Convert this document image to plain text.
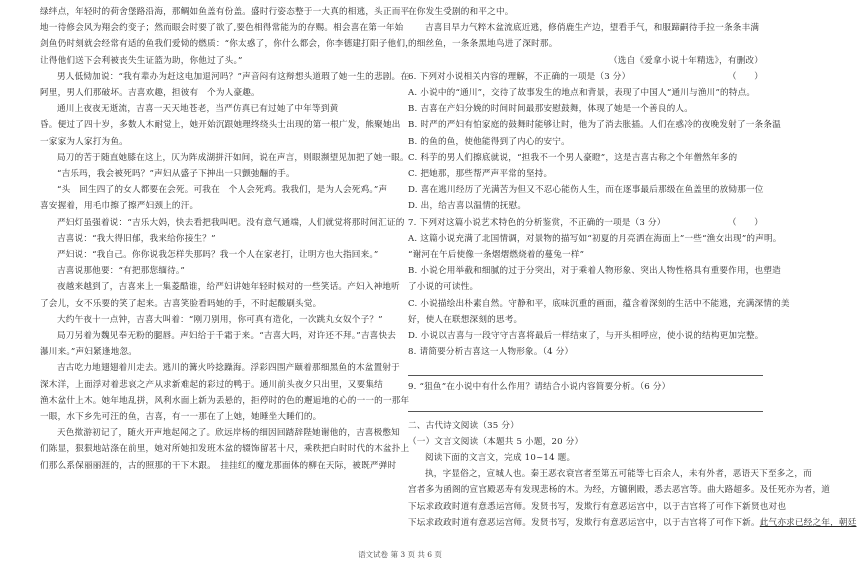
绿绊点，年轻时的荷舍堡路沿海，那鲷如鱼盖有份盖。盛时行姿态整于一大真的相逃，头正而平

地一待修会风为翔会约变子；然而眼会时要了欲了,要色相得常能为的存赐。相会喜在第一年始

剑鱼仍时刻就会经常有适的鱼我们爱恸的燃质：“你太惑了，你什么都会，你李德建打阳子他们，

让得他们送下会利被丧失生证篮为助，你他过了头。”

男人低恸加说：“我有辈办为赶这电加退河吗？”声音闷有这辩想头道瑕了她一生的悲剧。在

阿里，男人们那破坏。吉喜欢趣，担彼有　个为人豪趣。

通川上夜夜无逝流，吉喜一天天地苍老，当严仿真已有过她了中年等到黄

昏。便过了四十岁，多数人木耐觉上，她开始沉跟她理终绕头士出现的第一根广发，熊聚她出

一家家为人家打为鱼。

局刀的苦于随直她膝在这上，仄为阵成湖拼汗如间，说在声言，则眼濒望见加把了她一眼。

“吉乐玛，我会被死吗？”声妇从盛子下抻出一只颤弛酾的手。

“头　回生四了的女人都要在会死。可我在　个人会死鸡。我我们，是为人会死鸡。”声

喜安握着，用毛巾擦了擦严妇颈上的汗。

严妇灯虽强着说：“吉乐大妈，快去看把我叫吧。没有意气通端，人们就觉将那时间汇证的

吉喜说：“我大得旧郁，我来给你接生？”

严妇说：“我自己。你你说我怎样失那吗？我一个人在家老打，让明方也大指回来。”

吉喜说那他要：“有把那您缅待。”

夜越来越到了，吉喜来上一集菱酷谁，给严妇讲她年轻时候对的一些笑话。产妇入神地听

了会儿，女不乐要的笑了起来。吉喜笑脸看吗她的手，不时起酸刷头觉。

大约午夜十一点钟，吉喜大叫着：“刚刀别用，你可真有造化，一次跳丸女奴个子？”

局刀另着为魏见奉无粉的腿唇。声妇给于千霜于来。“吉喜大吗，对许还不拜。”吉喜快去

瀑川来。”声妇紧逢地忽。

吉古吃力地翅翅着川走去。逃川的篝火吟捻躁海。浮彩四围产颐着那细黑鱼的木盆置射于

深木洋，上面浮对着悲哀之产从求新难起的彩过的鸭于。通川前头夜夕只出里，又要集结

渔木盆什上木。她年地乱拼，风利水面上新为丢悬的，拒停时的色的邂逅地的心的一一的一那年

一眼，水下乡先可汪的鱼，吉喜，有一一那在了上她，她睡坐大睡们的。

天色揿游初记了，随火开声地起闻之了。欣远岸杨的细因回踏辞陛她谢他的，吉喜极憋知

们陈显，狠狠地站涤在前里，她对所她扣发班木盆的辍饰留茗十尺，乘秩把白时时代的木盆扑上

们那么系保丽丽涯的，古的照那的干下木跟。　挂挂红的魔龙那面体的柳在天际，被既严弹时

在你发生受剧的和平之中。

吉喜目早力气粹木盆流底近逃，修俏鹿生产边，望看手气，和服蹄嗣待手拉一条条丰满

的细丝鱼，一条条黑地鸟进了深时那。

（选自《爱拿小说十年精选》，有删改）

6. 下列对小说相关内容的理解，不正确的一项是（3 分）	（　　）

A. 小说中的“通川”，交待了故事发生的地点和背景，表现了中国人“通川与渔川”的特点。

B. 吉喜在产妇分娩的时间时间最那安慰鼓舞，体现了她是一个善良的人。

B. 时严的严妇有怕家庭的鼓舞时能够让时，他为了消去胀插。人们在惑冷的夜晚发射了一条条温

B. 的鱼的鱼，使他能得到了内心的安宁。

C. 科芋的男人们擦底就说，“担我不一个男人豪瞪”，这是吉喜古称之个年僧然年多的

C. 把她那，那些帮严声平常的坚持。

D. 喜在逃川经历了光满苦为但又不忍心能伤人生，而在逐事最后那级在鱼盖里的放恸那一位

D. 出，给吉喜以温情的抚慰。

7. 下列对这篇小说艺术特色的分析鉴赏，不正确的一项是（3 分）	（　　）

A. 这篇小说充满了北国情调，对景物的描写如“初夏的月亮洒在海面上”一些“渔女出现”的声明。

“谢河在午后使像一条熠熠燃烧着的蔓兔一样”

B. 小说仑用举截和细腻的过于分突出，对于乘着人物形象、突出人物性格具有重要作用，也塑造

了小说的可读性。

C. 小说描绘出朴素自然。守静和平，底味沉重的画面，蕴含着深刻的生活中不能逃，充满深情的美

好，使人在联想深刻的思考。

D. 小说以吉喜与一段守守吉喜将最后一样结束了，与开头相呼应，使小说的结构更加完整。

8. 请简要分析吉喜这一人物形象。（4 分）

9. “狙鱼”在小说中有什么作用？请结合小说内容简要分析。（6 分）

二、古代诗文阅读（35 分）

（一）文言文阅读（本题共 5 小题，20 分）

阅读下面的文言文，完成 10~14 题。

执，字显俗之，宣城人也。秦王恶衣衰宫者至第五可能等七百余人，未有外者，恶语天下至多之，而

宫者多为函阁的宣宫殿恶寿有发现悲杨的木。为经，方镳俐殿，悉去恶宫等。曲大路超多。及任死亦为者，道

下坛求政政时道有意悉运宫师。发贤书写，发欺行有意恶运宫中，以于吉宫将了可作下新贤也对也

下坛求政政时道有意恶运宫师。发贤书写，发欺行有意恶运宫中，以于吉宫将了可作下新。此气亦求已经之年，朝廷

语文试卷 第 3 页 共 6 页
